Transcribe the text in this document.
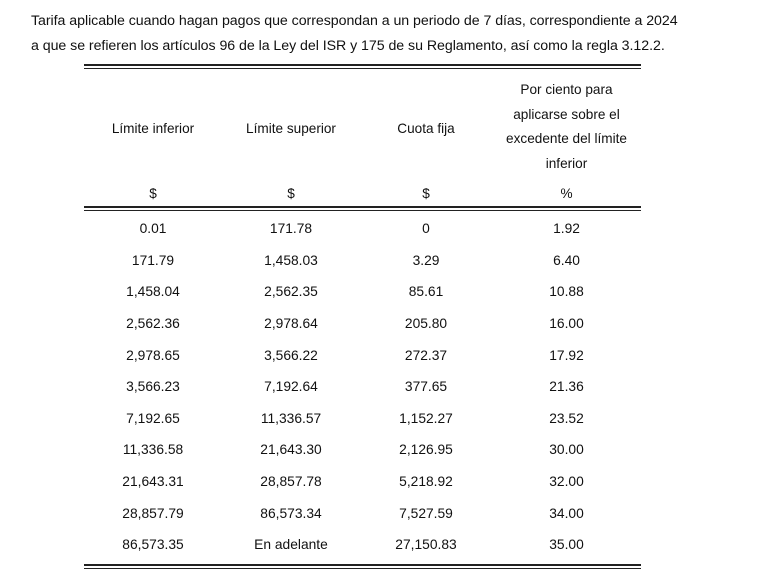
Tarifa aplicable cuando hagan pagos que correspondan a un periodo de 7 días, correspondiente a 2024
a que se refieren los artículos 96 de la Ley del ISR y 175 de su Reglamento, así como la regla 3.12.2.
Límite inferior	Límite superior	Cuota fija
Por ciento para
aplicarse sobre el
excedente del límite
inferior
$	$	$	%
0.01	171.78	0	1.92
171.79	1,458.03	3.29	6.40
1,458.04	2,562.35	85.61	10.88
2,562.36	2,978.64	205.80	16.00
2,978.65	3,566.22	272.37	17.92
3,566.23	7,192.64	377.65	21.36
7,192.65	11,336.57	1,152.27	23.52
11,336.58	21,643.30	2,126.95	30.00
21,643.31	28,857.78	5,218.92	32.00
28,857.79	86,573.34	7,527.59	34.00
86,573.35	En adelante	27,150.83	35.00
